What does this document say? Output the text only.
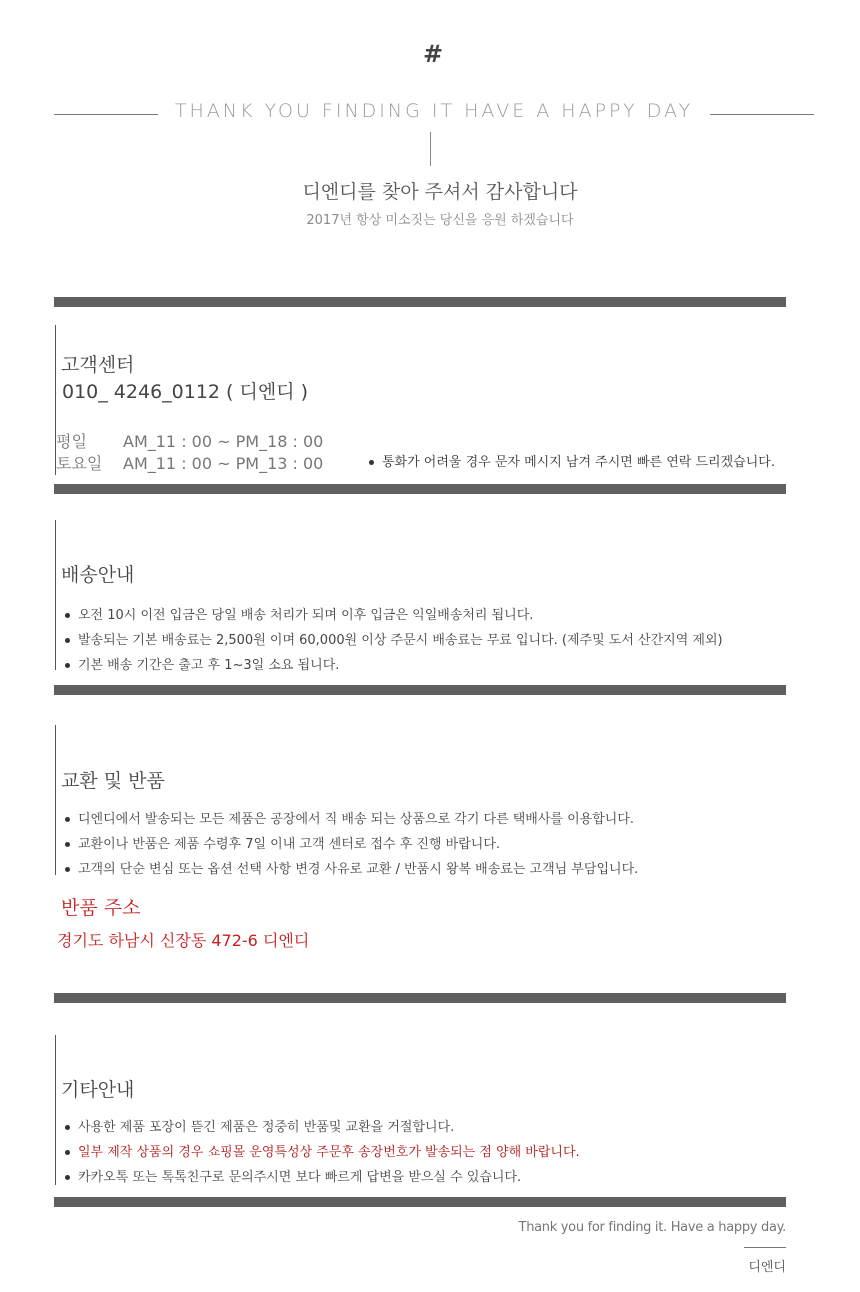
#
THANK YOU FINDING IT HAVE A HAPPY DAY
디엔디를 찾아 주셔서 감사합니다
2017년 항상 미소짓는 당신을 응원 하겠습니다
고객센터
010_ 4246_0112 ( 디엔디 )
평일	AM_11 : 00 ~ PM_18 : 00
토요일	AM_11 : 00 ~ PM_13 : 00	통화가 어려울 경우 문자 메시지 남겨 주시면 빠른 연락 드리겠습니다.
배송안내
오전 10시 이전 입금은 당일 배송 처리가 되며 이후 입금은 익일배송처리 됩니다.
발송되는 기본 배송료는 2,500원 이며 60,000원 이상 주문시 배송료는 무료 입니다. (제주및 도서 산간지역 제외)
기본 배송 기간은 출고 후 1~3일 소요 됩니다.
교환 및 반품
디엔디에서 발송되는 모든 제품은 공장에서 직 배송 되는 상품으로 각기 다른 택배사를 이용합니다.
교환이나 반품은 제품 수령후 7일 이내 고객 센터로 접수 후 진행 바랍니다.
고객의 단순 변심 또는 옵션 선택 사항 변경 사유로 교환 / 반품시 왕복 배송료는 고객님 부담입니다.
반품 주소
경기도 하남시 신장동 472-6 디엔디
기타안내
사용한 제품 포장이 뜯긴 제품은 정중히 반품및 교환을 거절합니다.
일부 제작 상품의 경우 쇼핑몰 운영특성상 주문후 송장번호가 발송되는 점 양해 바랍니다.
카카오톡 또는 톡톡친구로 문의주시면 보다 빠르게 답변을 받으실 수 있습니다.
Thank you for finding it. Have a happy day.
디엔디
